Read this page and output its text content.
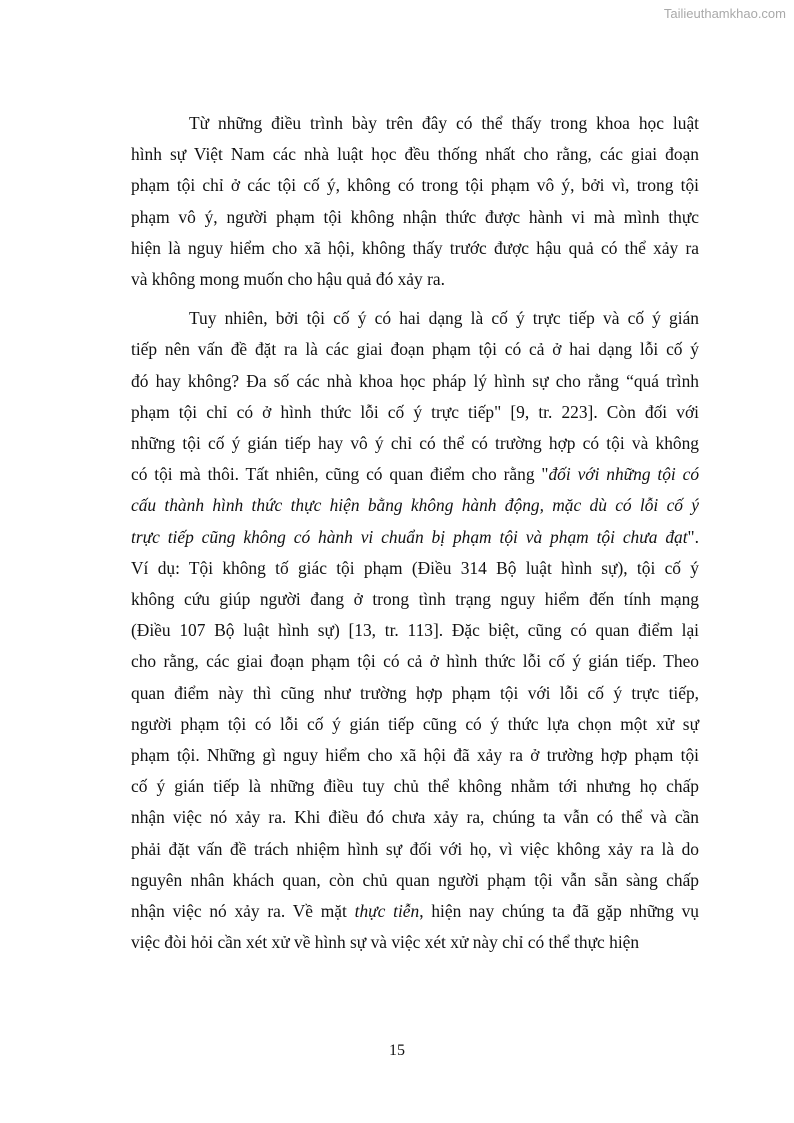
Tailieuthamkhao.com
Từ những điều trình bày trên đây có thể thấy trong khoa học luật
hình sự Việt Nam các nhà luật học đều thống nhất cho rằng, các giai đoạn
phạm tội chỉ ở các tội cố ý, không có trong tội phạm vô ý, bởi vì, trong tội
phạm vô ý, người phạm tội không nhận thức được hành vi mà mình thực
hiện là nguy hiểm cho xã hội, không thấy trước được hậu quả có thể xảy ra
và không mong muốn cho hậu quả đó xảy ra.
Tuy nhiên, bởi tội cố ý có hai dạng là cố ý trực tiếp và cố ý gián
tiếp nên vấn đề đặt ra là các giai đoạn phạm tội có cả ở hai dạng lỗi cố ý
đó hay không? Đa số các nhà khoa học pháp lý hình sự cho rằng “quá trình
phạm tội chỉ có ở hình thức lỗi cố ý trực tiếp" [9, tr. 223]. Còn đối với
những tội cố ý gián tiếp hay vô ý chỉ có thể có trường hợp có tội và không
có tội mà thôi. Tất nhiên, cũng có quan điểm cho rằng "đối với những tội có
cấu thành hình thức thực hiện bằng không hành động, mặc dù có lỗi cố ý
trực tiếp cũng không có hành vi chuẩn bị phạm tội và phạm tội chưa đạt".
Ví dụ: Tội không tố giác tội phạm (Điều 314 Bộ luật hình sự), tội cố ý
không cứu giúp người đang ở trong tình trạng nguy hiểm đến tính mạng
(Điều 107 Bộ luật hình sự) [13, tr. 113]. Đặc biệt, cũng có quan điểm lại
cho rằng, các giai đoạn phạm tội có cả ở hình thức lỗi cố ý gián tiếp. Theo
quan điểm này thì cũng như trường hợp phạm tội với lỗi cố ý trực tiếp,
người phạm tội có lỗi cố ý gián tiếp cũng có ý thức lựa chọn một xử sự
phạm tội. Những gì nguy hiểm cho xã hội đã xảy ra ở trường hợp phạm tội
cố ý gián tiếp là những điều tuy chủ thể không nhằm tới nhưng họ chấp
nhận việc nó xảy ra. Khi điều đó chưa xảy ra, chúng ta vẫn có thể và cần
phải đặt vấn đề trách nhiệm hình sự đối với họ, vì việc không xảy ra là do
nguyên nhân khách quan, còn chủ quan người phạm tội vẫn sẵn sàng chấp
nhận việc nó xảy ra. Về mặt thực tiễn, hiện nay chúng ta đã gặp những vụ
việc đòi hỏi cần xét xử về hình sự và việc xét xử này chỉ có thể thực hiện
15
